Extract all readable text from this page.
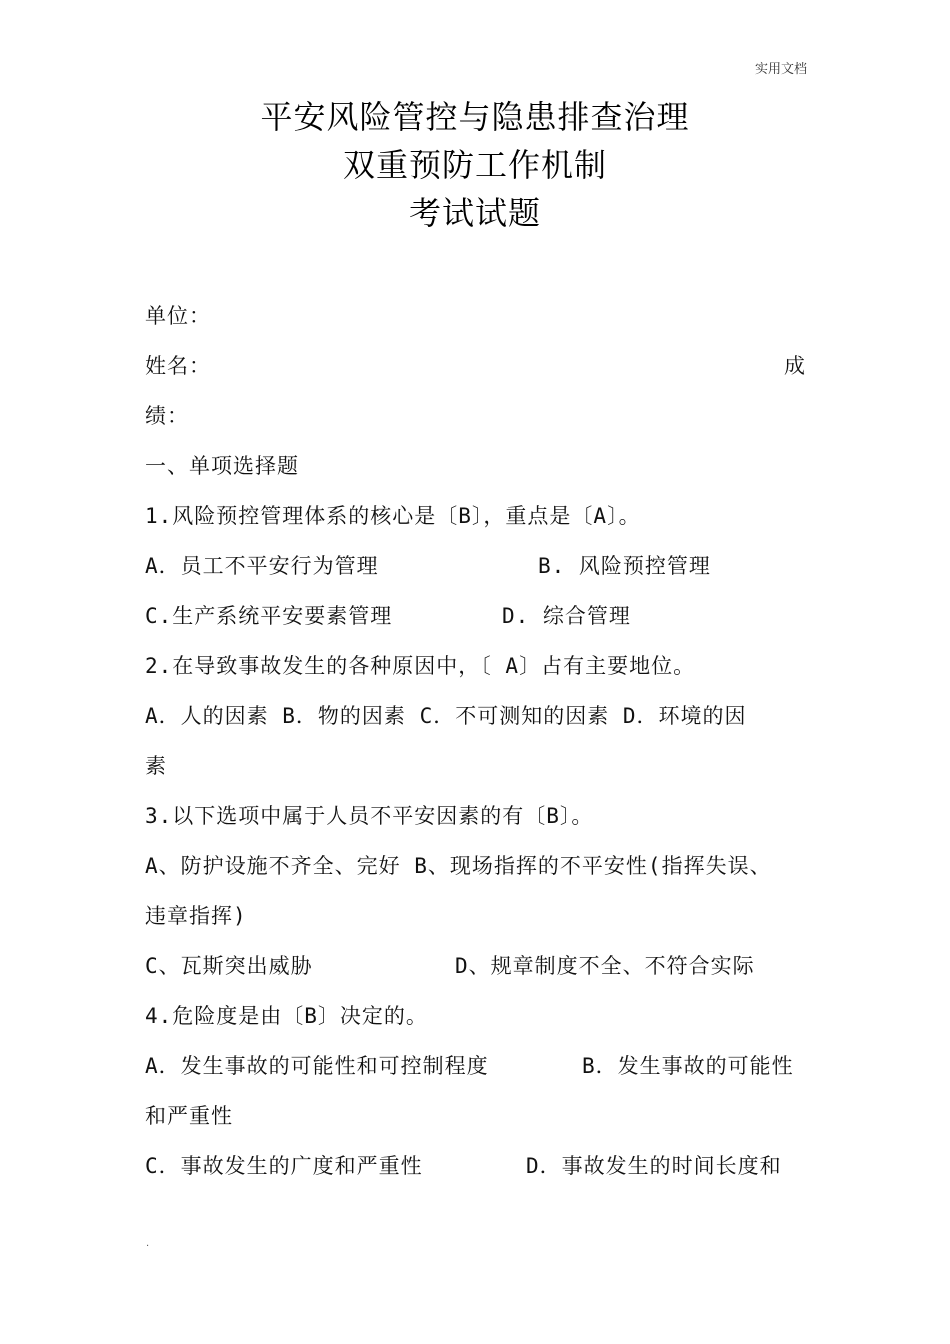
实用文档
平安风险管控与隐患排查治理
双重预防工作机制
考试试题
单位：
姓名：	成
绩：
一、单项选择题
1.风险预控管理体系的核心是〔B〕，重点是〔A〕。
A．员工不平安行为管理	B. 风险预控管理
C.生产系统平安要素管理	D. 综合管理
2.在导致事故发生的各种原因中，〔 A〕占有主要地位。
A．人的因素 B．物的因素 C．不可测知的因素 D．环境的因
素
3.以下选项中属于人员不平安因素的有〔B〕。
A、防护设施不齐全、完好 B、现场指挥的不平安性(指挥失误、
违章指挥)
C、瓦斯突出威胁	D、规章制度不全、不符合实际
4.危险度是由〔B〕决定的。
A．发生事故的可能性和可控制程度	B．发生事故的可能性
和严重性
C．事故发生的广度和严重性	D．事故发生的时间长度和
.
